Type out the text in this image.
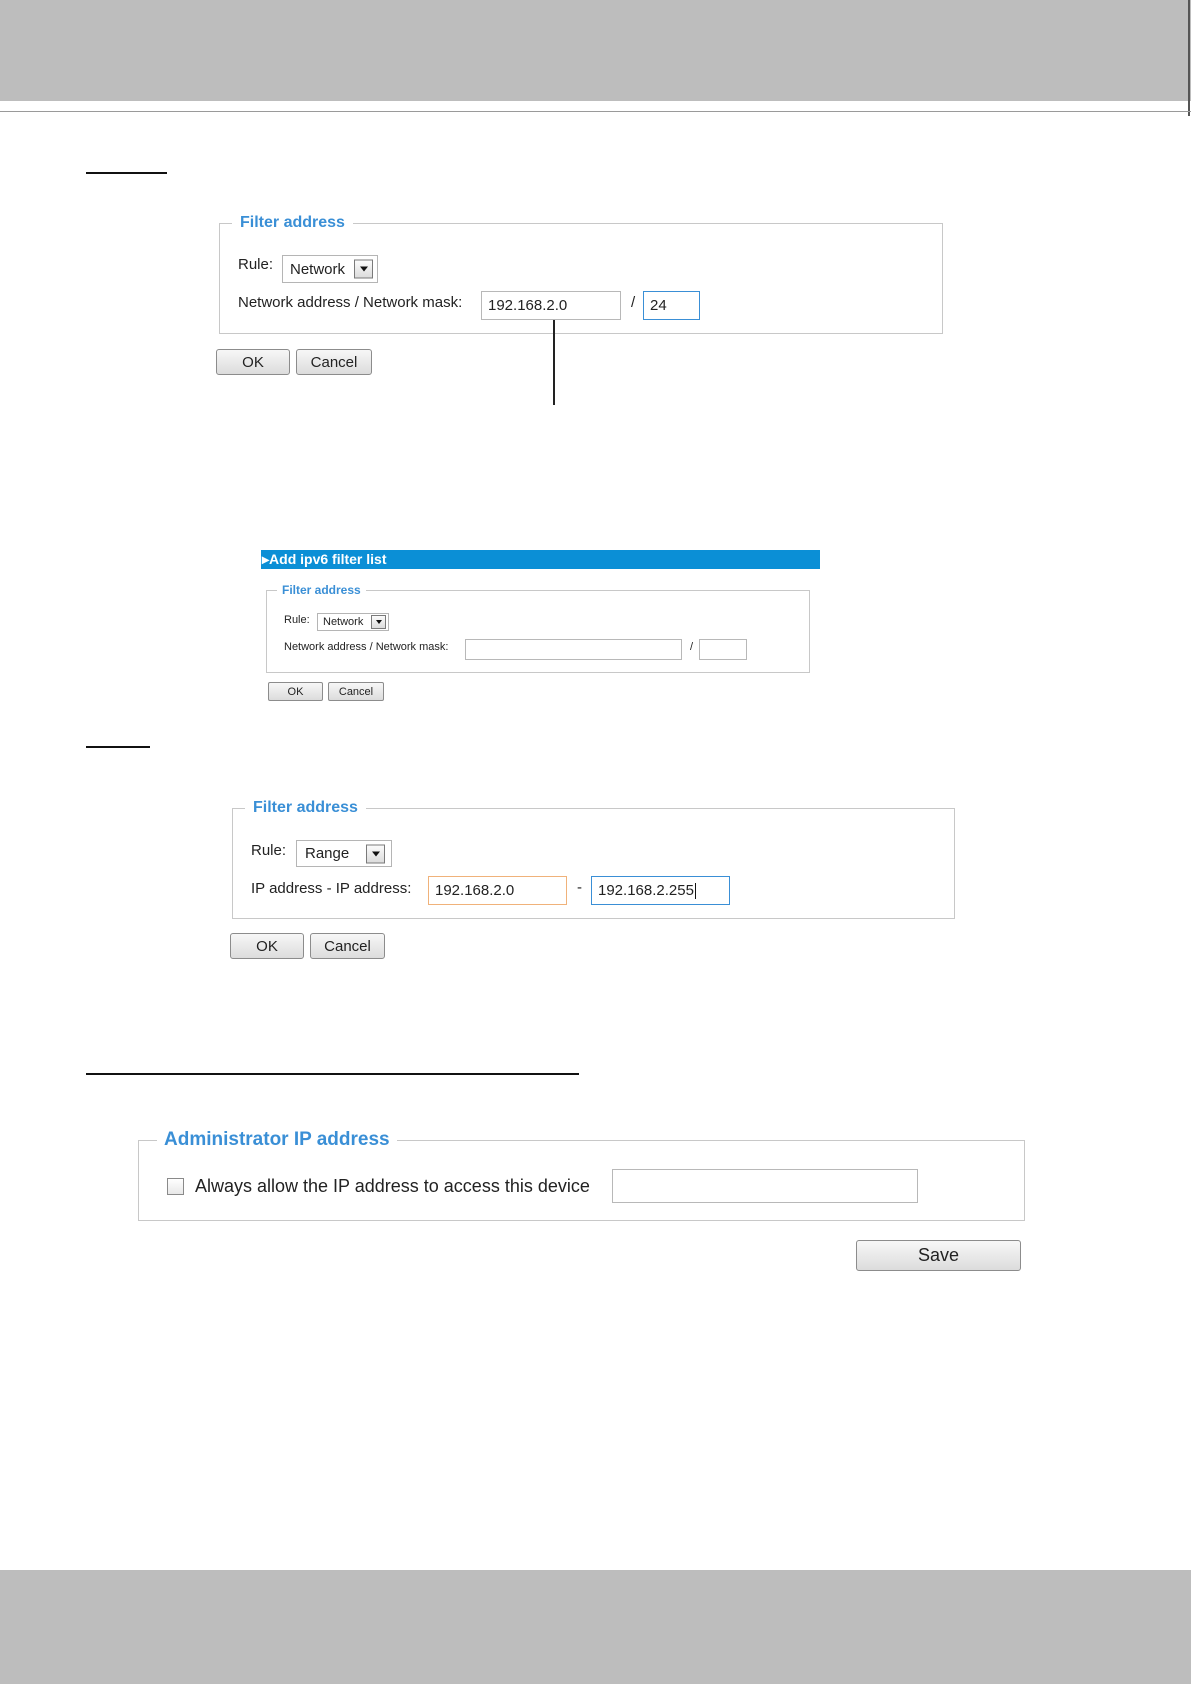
Filter address
Rule: Network
Network address / Network mask: 192.168.2.0	/ 24
OK	Cancel
▸Add ipv6 filter list
Filter address
Rule: Network
Network address / Network mask:	/
OK	Cancel
Filter address
Rule: Range
IP address - IP address: 192.168.2.0	- 192.168.2.255
OK	Cancel
Administrator IP address
Always allow the IP address to access this device
Save
